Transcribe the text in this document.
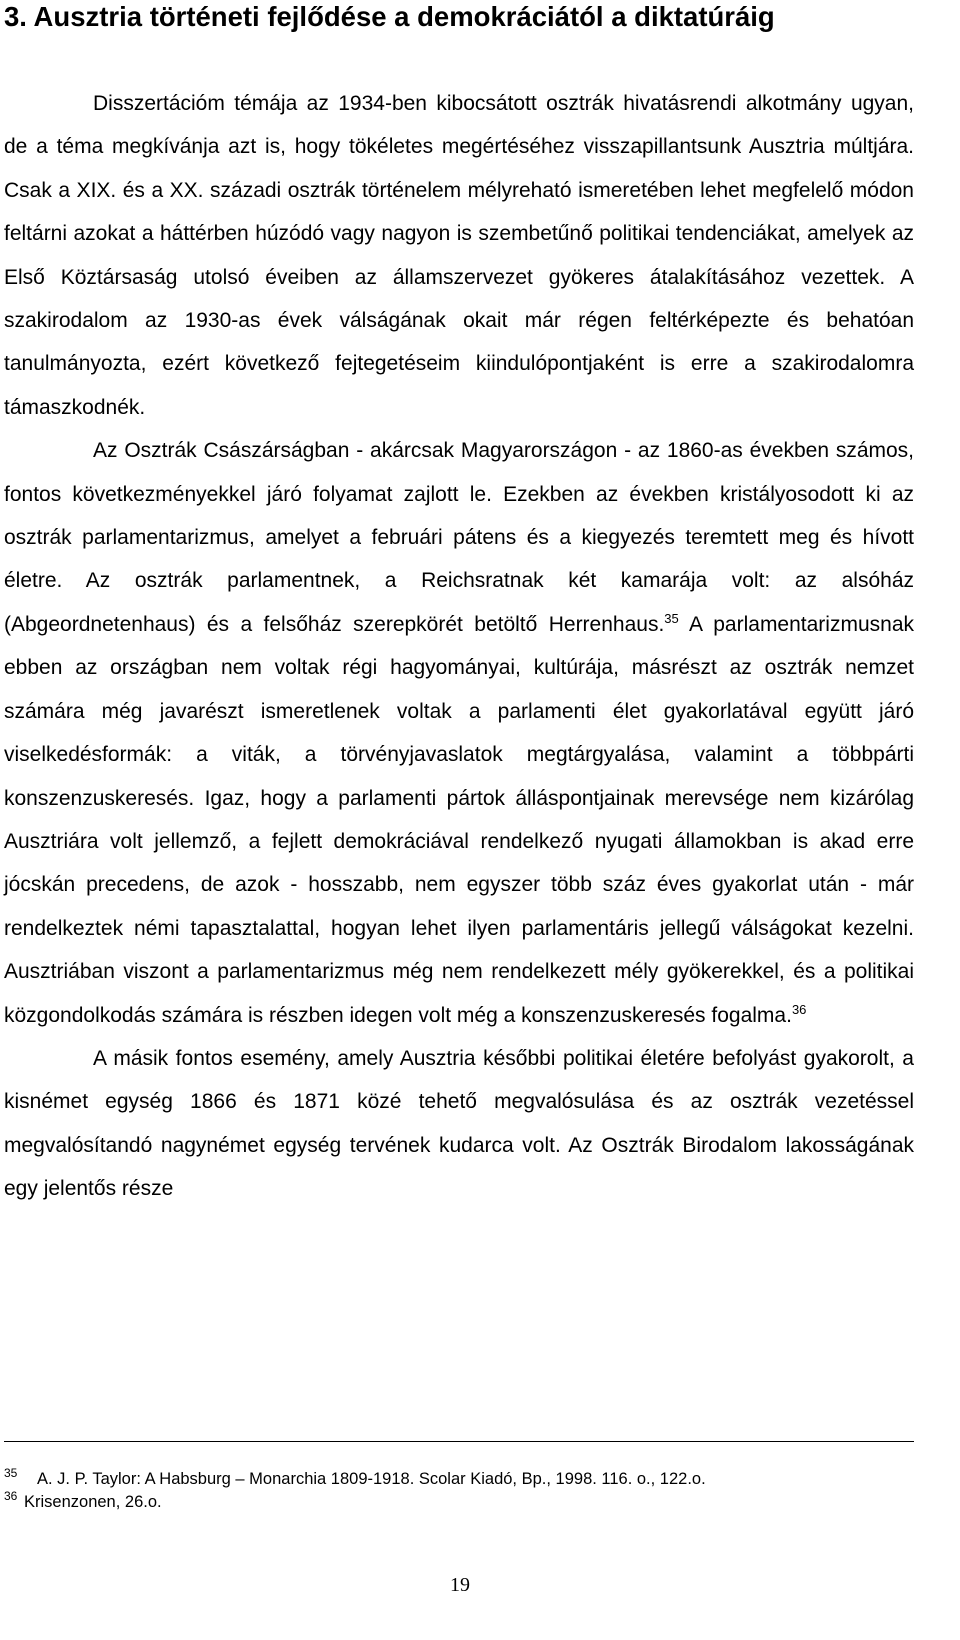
3. Ausztria történeti fejlődése a demokráciától a diktatúráig

Disszertációm témája az 1934-ben kibocsátott osztrák hivatásrendi alkotmány ugyan, de a téma megkívánja azt is, hogy tökéletes megértéséhez visszapillantsunk Ausztria múltjára. Csak a XIX. és a XX. századi osztrák történelem mélyreható ismeretében lehet megfelelő módon feltárni azokat a háttérben húzódó vagy nagyon is szembetűnő politikai tendenciákat, amelyek az Első Köztársaság utolsó éveiben az államszervezet gyökeres átalakításához vezettek. A szakirodalom az 1930-as évek válságának okait már régen feltérképezte és behatóan tanulmányozta, ezért következő fejtegetéseim kiindulópontjaként is erre a szakirodalomra támaszkodnék.

Az Osztrák Császárságban - akárcsak Magyarországon - az 1860-as években számos, fontos következményekkel járó folyamat zajlott le. Ezekben az években kristályosodott ki az osztrák parlamentarizmus, amelyet a februári pátens és a kiegyezés teremtett meg és hívott életre. Az osztrák parlamentnek, a Reichsratnak két kamarája volt: az alsóház (Abgeordnetenhaus) és a felsőház szerepkörét betöltő Herrenhaus.$^{35}$ A parlamentarizmusnak ebben az országban nem voltak régi hagyományai, kultúrája, másrészt az osztrák nemzet számára még javarészt ismeretlenek voltak a parlamenti élet gyakorlatával együtt járó viselkedésformák: a viták, a törvényjavaslatok megtárgyalása, valamint a többpárti konszenzuskeresés. Igaz, hogy a parlamenti pártok álláspontjainak merevsége nem kizárólag Ausztriára volt jellemző, a fejlett demokráciával rendelkező nyugati államokban is akad erre jócskán precedens, de azok - hosszabb, nem egyszer több száz éves gyakorlat után - már rendelkeztek némi tapasztalattal, hogyan lehet ilyen parlamentáris jellegű válságokat kezelni. Ausztriában viszont a parlamentarizmus még nem rendelkezett mély gyökerekkel, és a politikai közgondolkodás számára is részben idegen volt még a konszenzuskeresés fogalma.$^{36}$

A másik fontos esemény, amely Ausztria későbbi politikai életére befolyást gyakorolt, a kisnémet egység 1866 és 1871 közé tehető megvalósulása és az osztrák vezetéssel megvalósítandó nagynémet egység tervének kudarca volt. Az Osztrák Birodalom lakosságának egy jelentős része

35 A. J. P. Taylor: A Habsburg – Monarchia 1809-1918. Scolar Kiadó, Bp., 1998. 116. o., 122.o.
36 Krisenzonen, 26.o.
19
